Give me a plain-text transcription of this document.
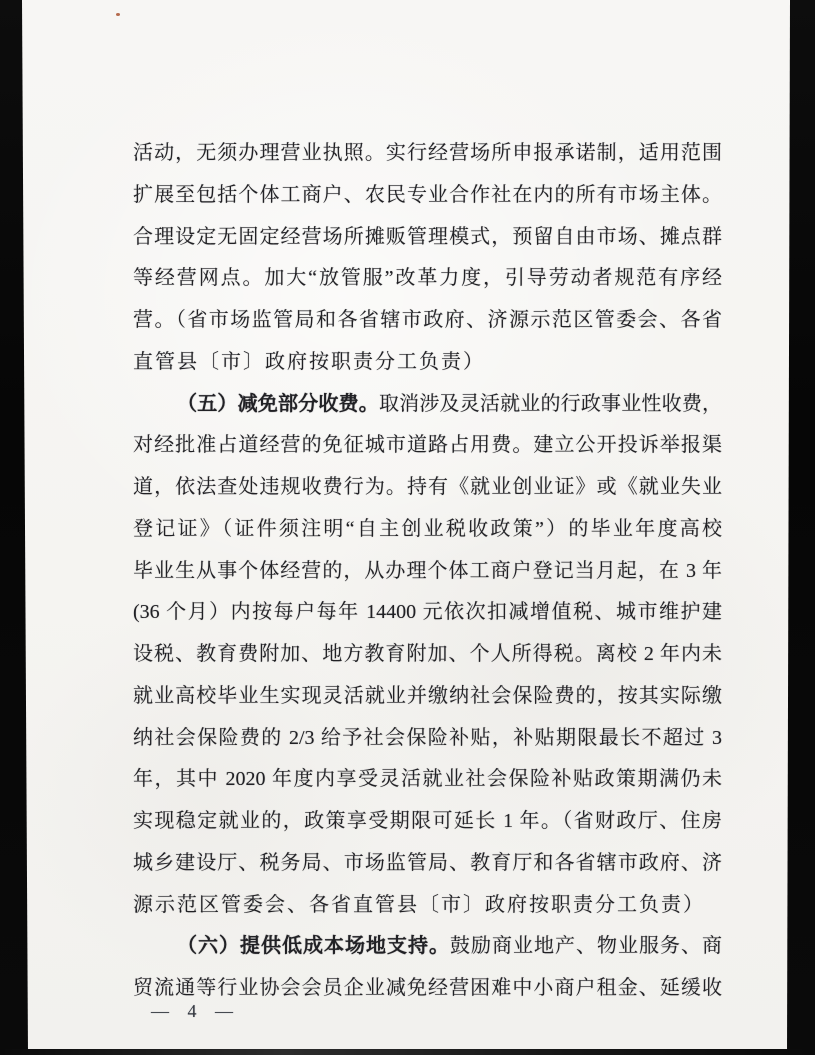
活动，无须办理营业执照。实行经营场所申报承诺制，适用范围
扩展至包括个体工商户、农民专业合作社在内的所有市场主体。
合理设定无固定经营场所摊贩管理模式，预留自由市场、摊点群
等经营网点。加大“放管服”改革力度，引导劳动者规范有序经
营。（省市场监管局和各省辖市政府、济源示范区管委会、各省
直管县〔市〕政府按职责分工负责）
（五）减免部分收费。取消涉及灵活就业的行政事业性收费，
对经批准占道经营的免征城市道路占用费。建立公开投诉举报渠
道，依法查处违规收费行为。持有《就业创业证》或《就业失业
登记证》（证件须注明“自主创业税收政策”）的毕业年度高校
毕业生从事个体经营的，从办理个体工商户登记当月起，在 3 年
(36 个月）内按每户每年 14400 元依次扣减增值税、城市维护建
设税、教育费附加、地方教育附加、个人所得税。离校 2 年内未
就业高校毕业生实现灵活就业并缴纳社会保险费的，按其实际缴
纳社会保险费的 2/3 给予社会保险补贴，补贴期限最长不超过 3
年，其中 2020 年度内享受灵活就业社会保险补贴政策期满仍未
实现稳定就业的，政策享受期限可延长 1 年。（省财政厅、住房
城乡建设厅、税务局、市场监管局、教育厅和各省辖市政府、济
源示范区管委会、各省直管县〔市〕政府按职责分工负责）
（六）提供低成本场地支持。鼓励商业地产、物业服务、商
贸流通等行业协会会员企业减免经营困难中小商户租金、延缓收
— 4 —
